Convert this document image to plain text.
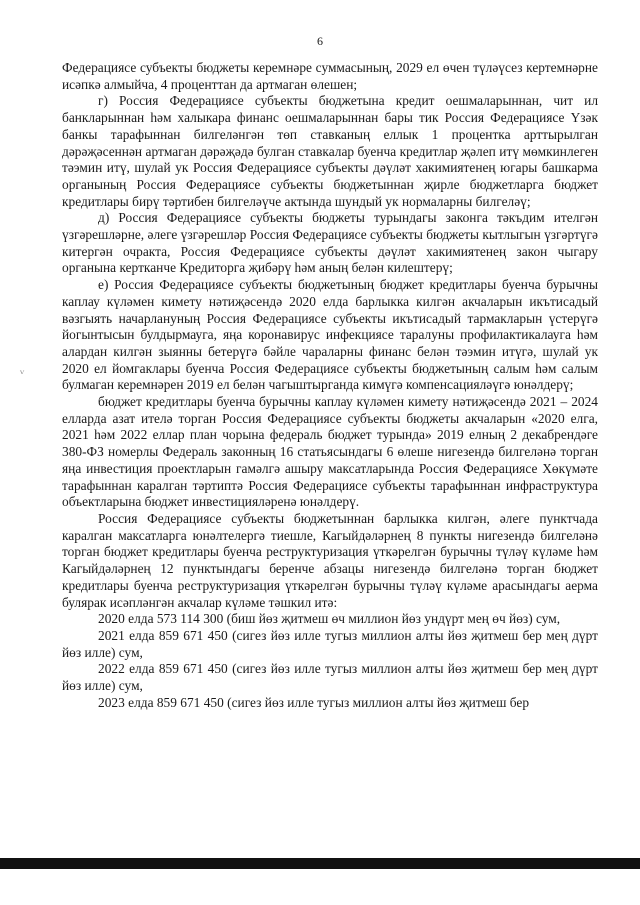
6
ⱽ

Федерациясе субъекты бюджеты керемнәре суммасының, 2029 ел өчен түләүсез кертемнәрне исәпкә алмыйча, 4 проценттан да артмаган өлешен;

г) Россия Федерациясе субъекты бюджетына кредит оешмаларыннан, чит ил банкларыннан һәм халыкара финанс оешмаларыннан бары тик Россия Федерациясе Үзәк банкы тарафыннан билгеләнгән төп ставканың еллык 1 процентка арттырылган дәрәҗәсеннән артмаган дәрәҗәдә булган ставкалар буенча кредитлар җәлеп итү мөмкинлеген тәэмин итү, шулай ук Россия Федерациясе субъекты дәүләт хакимиятенең югары башкарма органының Россия Федерациясе субъекты бюджетыннан җирле бюджетларга бюджет кредитлары бирү тәртибен билгеләүче актында шундый ук нормаларны билгеләү;

д) Россия Федерациясе субъекты бюджеты турындагы законга тәкъдим ителгән үзгәрешләрне, әлеге үзгәрешләр Россия Федерациясе субъекты бюджеты кытлыгын үзгәртүгә китергән очракта, Россия Федерациясе субъекты дәүләт хакимиятенең закон чыгару органына кертканче Кредиторга җибәрү һәм аның белән килештерү;

е) Россия Федерациясе субъекты бюджетының бюджет кредитлары буенча бурычны каплау күләмен кимету нәтиҗәсендә 2020 елда барлыкка килгән акчаларын икътисадый вәзгыять начарлануның Россия Федерациясе субъекты икътисадый тармакларын үстерүгә йогынтысын булдырмауга, яңа коронавирус инфекциясе таралуны профилактикалауга һәм алардан килгән зыянны бетерүгә бәйле чараларны финанс белән тәэмин итүгә, шулай ук 2020 ел йомгаклары буенча Россия Федерациясе субъекты бюджетының салым һәм салым булмаган керемнәрен 2019 ел белән чагыштырганда кимүгә компенсацияләүгә юнәлдерү;

бюджет кредитлары буенча бурычны каплау күләмен кимету нәтиҗәсендә 2021 – 2024 елларда азат ителә торган Россия Федерациясе субъекты бюджеты акчаларын «2020 елга, 2021 һәм 2022 еллар план чорына федераль бюджет турында» 2019 елның 2 декабрендәге 380-ФЗ номерлы Федераль законның 16 статьясындагы 6 өлеше нигезендә билгеләнә торган яңа инвестиция проектларын гамәлгә ашыру максатларында Россия Федерациясе Хөкүмәте тарафыннан каралган тәртиптә Россия Федерациясе субъекты тарафыннан инфраструктура объектларына бюджет инвестицияләренә юнәлдерү.

Россия Федерациясе субъекты бюджетыннан барлыкка килгән, әлеге пунктчада каралган максатларга юнәлтелергә тиешле, Кагыйдәләрнең 8 пункты нигезендә билгеләнә торган бюджет кредитлары буенча реструктуризация үткәрелгән бурычны түләү күләме һәм Кагыйдәләрнең 12 пунктындагы беренче абзацы нигезендә билгеләнә торган бюджет кредитлары буенча реструктуризация үткәрелгән бурычны түләү күләме арасындагы аерма булярак исәпләнгән акчалар күләме тәшкил итә:

2020 елда 573 114 300 (биш йөз җитмеш өч миллион йөз ундүрт мең өч йөз) сум,

2021 елда 859 671 450 (сигез йөз илле тугыз миллион алты йөз җитмеш бер мең дүрт йөз илле) сум,

2022 елда 859 671 450 (сигез йөз илле тугыз миллион алты йөз җитмеш бер мең дүрт йөз илле) сум,

2023 елда 859 671 450 (сигез йөз илле тугыз миллион алты йөз җитмеш бер
